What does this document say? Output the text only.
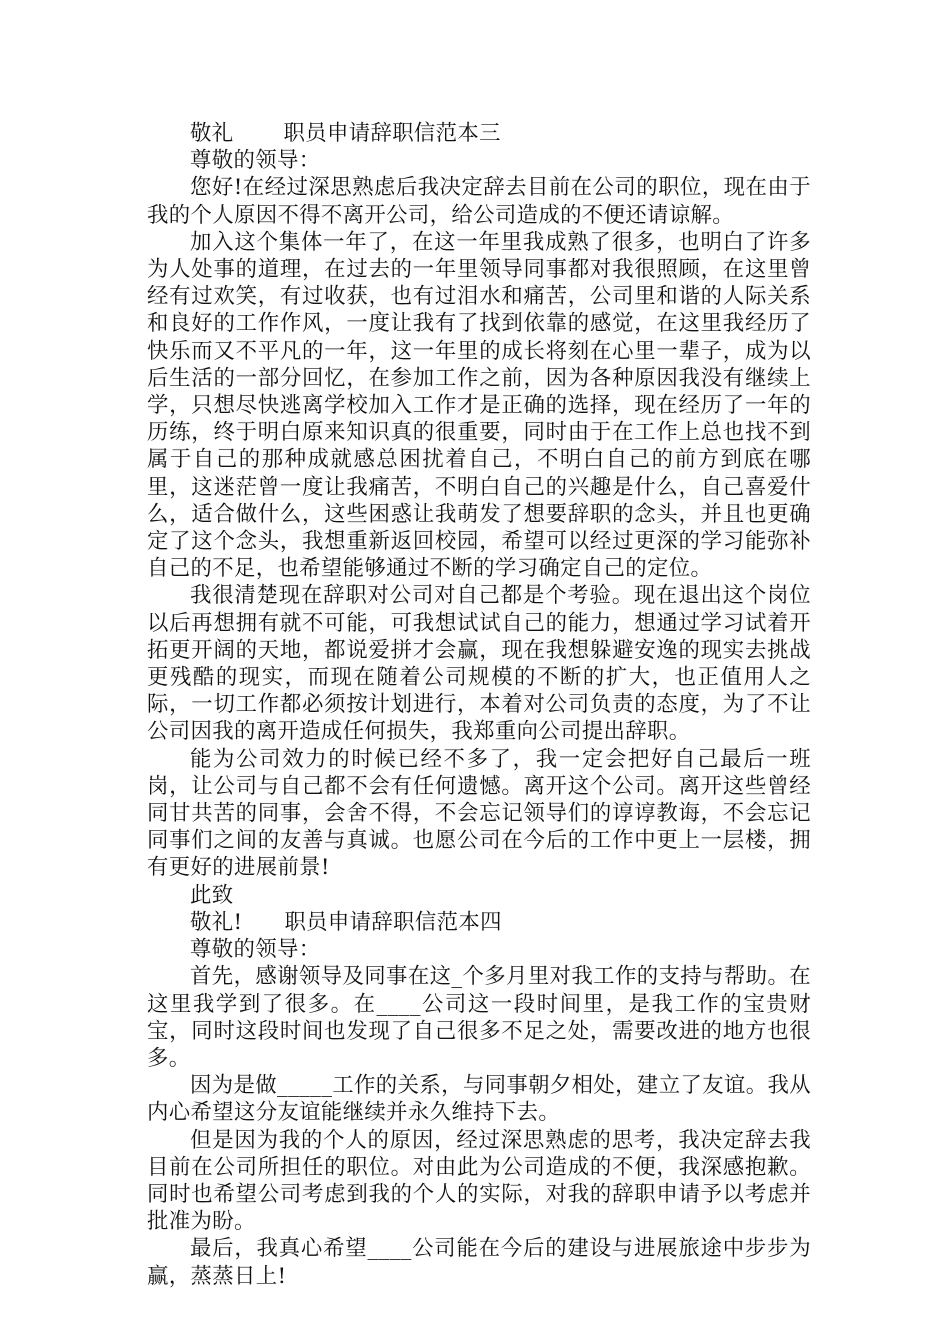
敬礼 职员申请辞职信范本三

尊敬的领导：

您好!在经过深思熟虑后我决定辞去目前在公司的职位，现在由于我的个人原因不得不离开公司，给公司造成的不便还请谅解。

加入这个集体一年了，在这一年里我成熟了很多，也明白了许多为人处事的道理，在过去的一年里领导同事都对我很照顾，在这里曾经有过欢笑，有过收获，也有过泪水和痛苦，公司里和谐的人际关系和良好的工作作风，一度让我有了找到依靠的感觉，在这里我经历了快乐而又不平凡的一年，这一年里的成长将刻在心里一辈子，成为以后生活的一部分回忆，在参加工作之前，因为各种原因我没有继续上学，只想尽快逃离学校加入工作才是正确的选择，现在经历了一年的历练，终于明白原来知识真的很重要，同时由于在工作上总也找不到属于自己的那种成就感总困扰着自己，不明白自己的前方到底在哪里，这迷茫曾一度让我痛苦，不明白自己的兴趣是什么，自己喜爱什么，适合做什么，这些困惑让我萌发了想要辞职的念头，并且也更确定了这个念头，我想重新返回校园，希望可以经过更深的学习能弥补自己的不足，也希望能够通过不断的学习确定自己的定位。

我很清楚现在辞职对公司对自己都是个考验。现在退出这个岗位以后再想拥有就不可能，可我想试试自己的能力，想通过学习试着开拓更开阔的天地，都说爱拼才会赢，现在我想躲避安逸的现实去挑战更残酷的现实，而现在随着公司规模的不断的扩大，也正值用人之际，一切工作都必须按计划进行，本着对公司负责的态度，为了不让公司因我的离开造成任何损失，我郑重向公司提出辞职。

能为公司效力的时候已经不多了，我一定会把好自己最后一班岗，让公司与自己都不会有任何遗憾。离开这个公司。离开这些曾经同甘共苦的同事，会舍不得，不会忘记领导们的谆谆教诲，不会忘记同事们之间的友善与真诚。也愿公司在今后的工作中更上一层楼，拥有更好的进展前景!

此致

敬礼! 职员申请辞职信范本四

尊敬的领导：

首先，感谢领导及同事在这_个多月里对我工作的支持与帮助。在这里我学到了很多。在____公司这一段时间里，是我工作的宝贵财宝，同时这段时间也发现了自己很多不足之处，需要改进的地方也很多。

因为是做_____工作的关系，与同事朝夕相处，建立了友谊。我从内心希望这分友谊能继续并永久维持下去。

但是因为我的个人的原因，经过深思熟虑的思考，我决定辞去我目前在公司所担任的职位。对由此为公司造成的不便，我深感抱歉。同时也希望公司考虑到我的个人的实际，对我的辞职申请予以考虑并批准为盼。

最后，我真心希望____公司能在今后的建设与进展旅途中步步为赢，蒸蒸日上!
